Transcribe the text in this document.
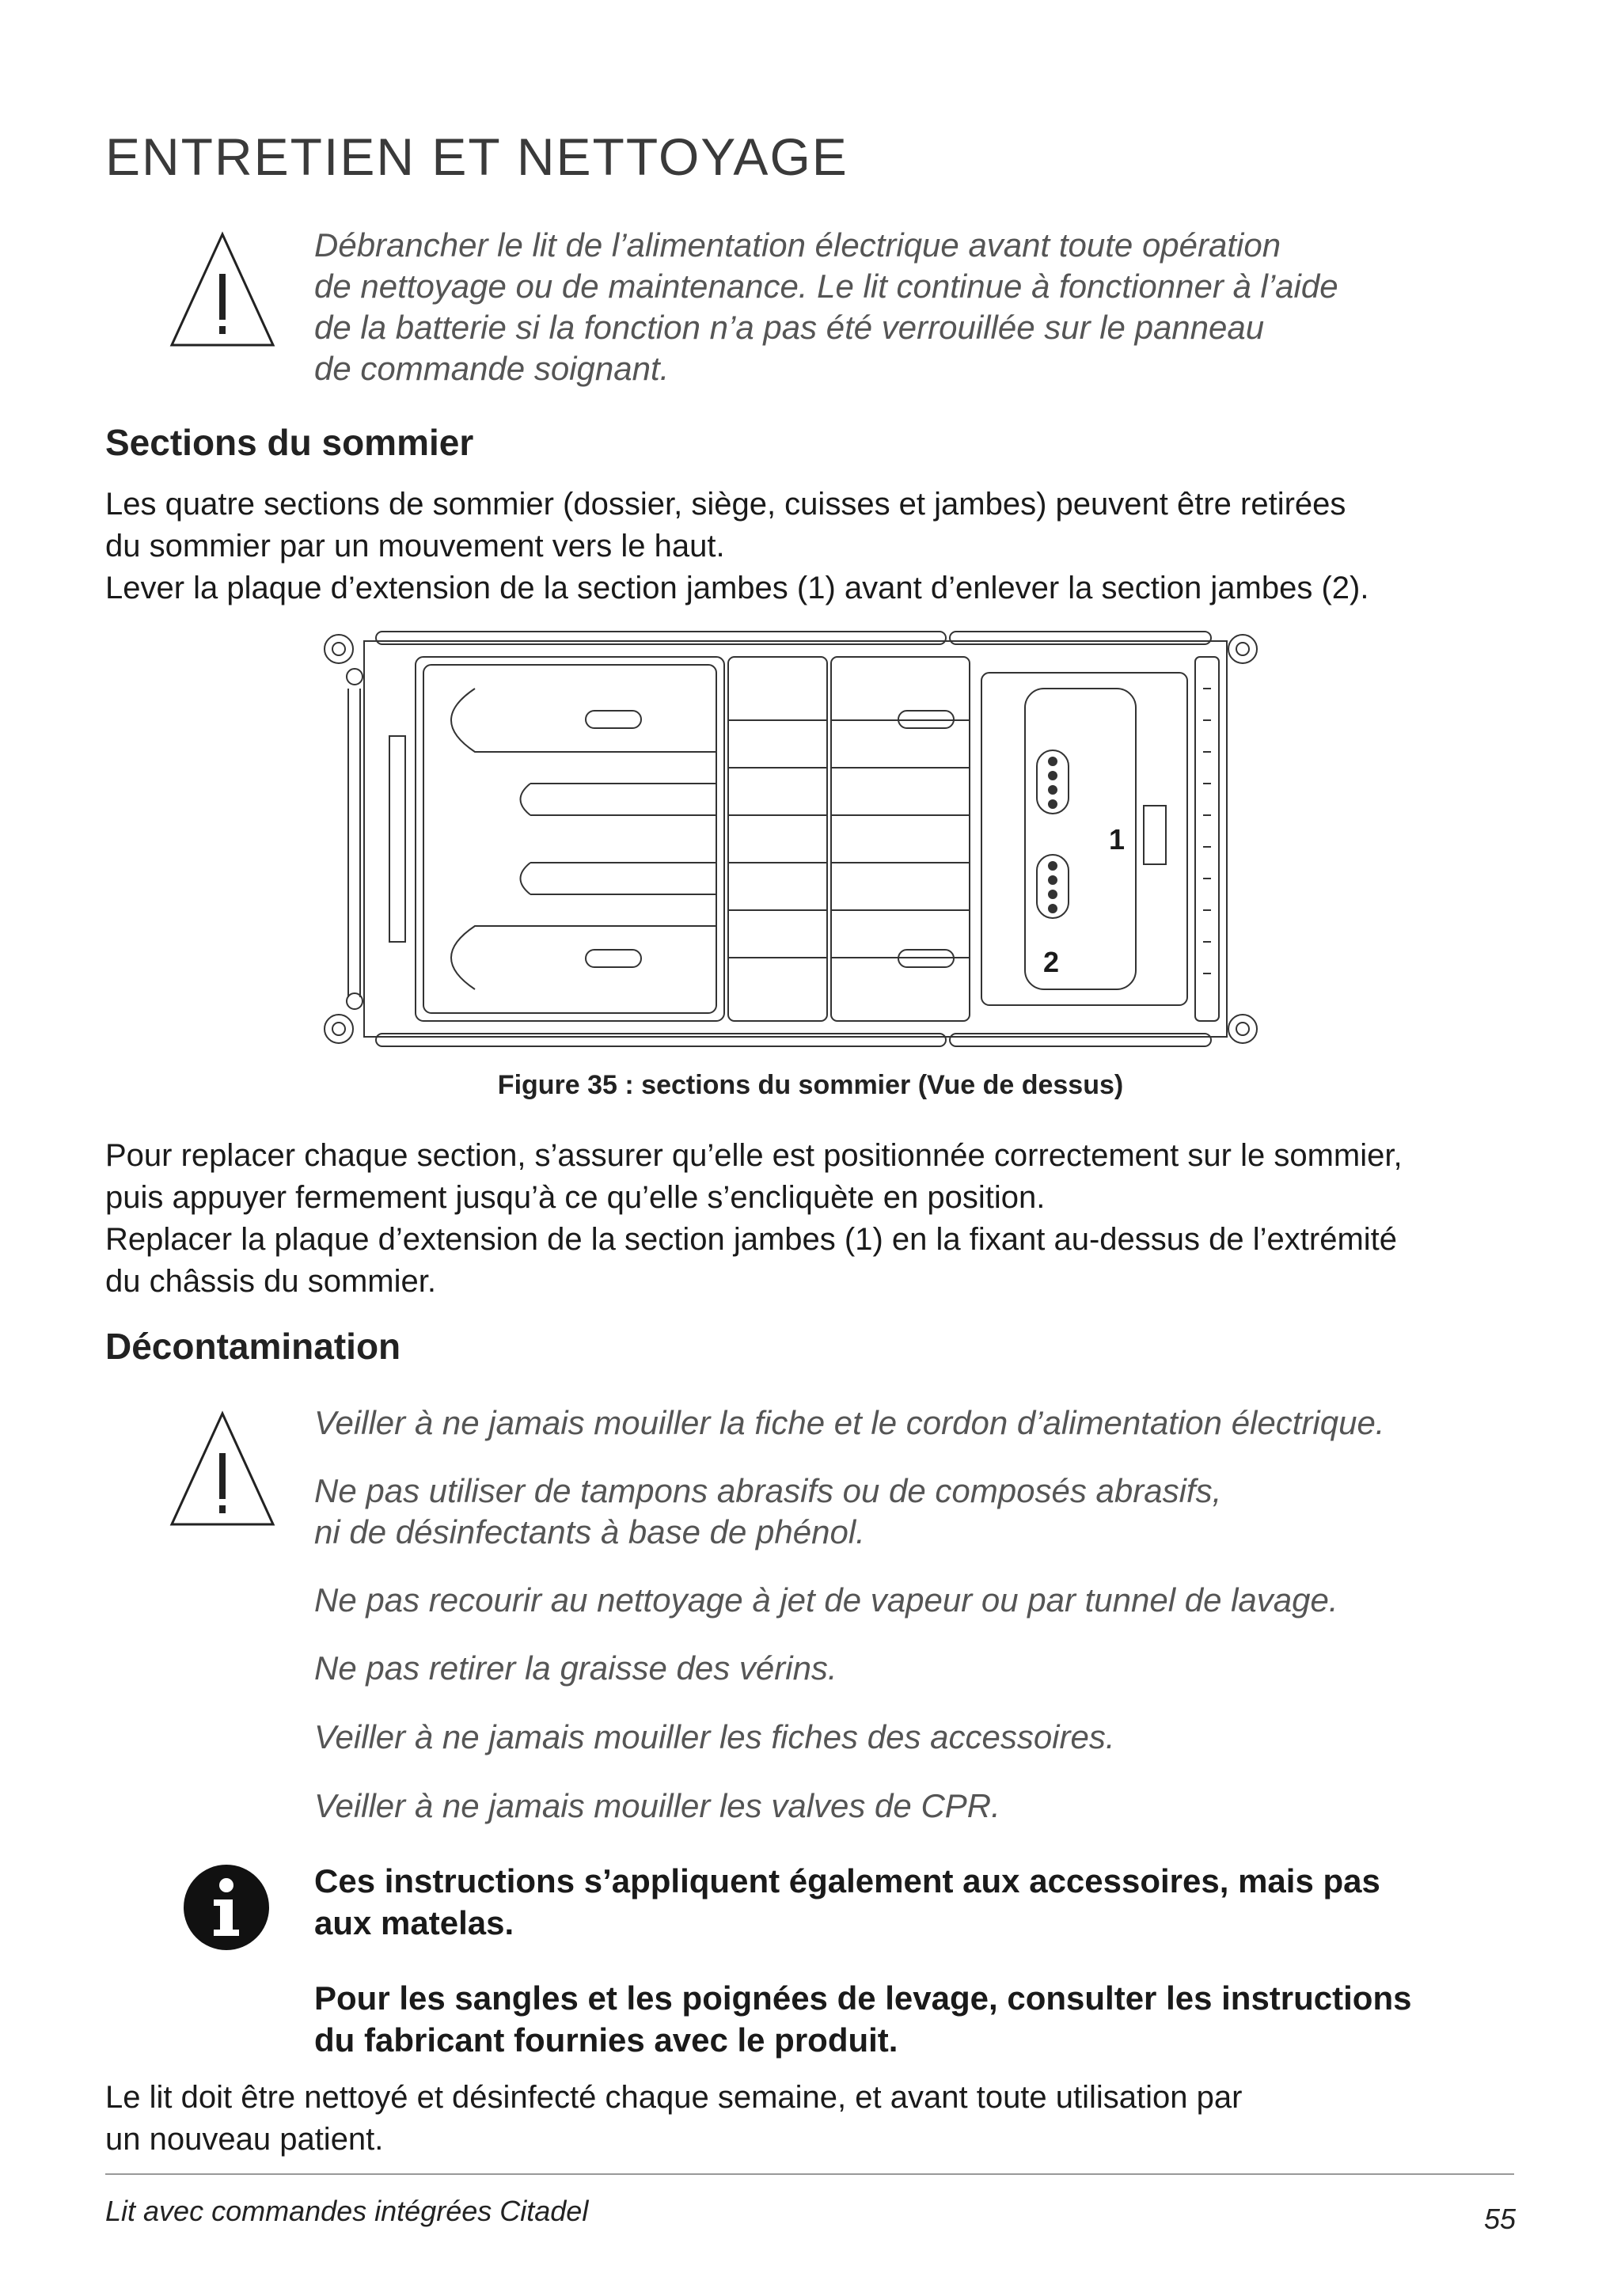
ENTRETIEN ET NETTOYAGE
Débrancher le lit de l’alimentation électrique avant toute opération
de nettoyage ou de maintenance. Le lit continue à fonctionner à l’aide
de la batterie si la fonction n’a pas été verrouillée sur le panneau
de commande soignant.
Sections du sommier
Les quatre sections de sommier (dossier, siège, cuisses et jambes) peuvent être retirées
du sommier par un mouvement vers le haut.
Lever la plaque d’extension de la section jambes (1) avant d’enlever la section jambes (2).
1
2
Figure 35 : sections du sommier (Vue de dessus)
Pour replacer chaque section, s’assurer qu’elle est positionnée correctement sur le sommier,
puis appuyer fermement jusqu’à ce qu’elle s’encliquète en position.
Replacer la plaque d’extension de la section jambes (1) en la fixant au-dessus de l’extrémité
du châssis du sommier.
Décontamination
Veiller à ne jamais mouiller la fiche et le cordon d’alimentation électrique.
Ne pas utiliser de tampons abrasifs ou de composés abrasifs,
ni de désinfectants à base de phénol.
Ne pas recourir au nettoyage à jet de vapeur ou par tunnel de lavage.
Ne pas retirer la graisse des vérins.
Veiller à ne jamais mouiller les fiches des accessoires.
Veiller à ne jamais mouiller les valves de CPR.
Ces instructions s’appliquent également aux accessoires, mais pas
aux matelas.
Pour les sangles et les poignées de levage, consulter les instructions
du fabricant fournies avec le produit.
Le lit doit être nettoyé et désinfecté chaque semaine, et avant toute utilisation par
un nouveau patient.
Lit avec commandes intégrées Citadel	55
